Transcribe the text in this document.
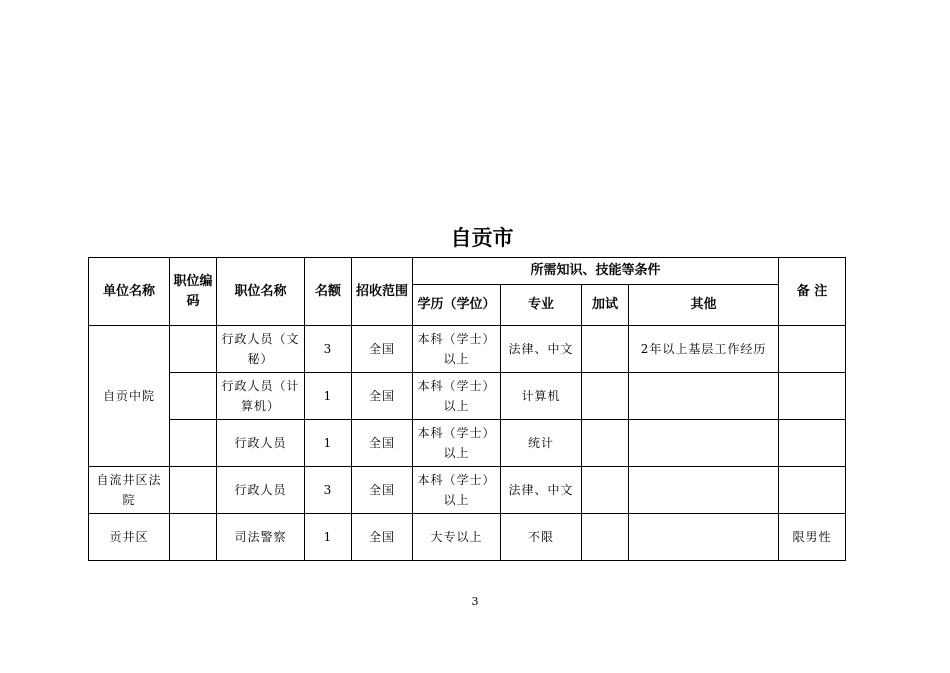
自贡市
单位名称	职位编码	职位名称	名额	招收范围	所需知识、技能等条件				备 注
					学历（学位）	专业	加试	其他	
自贡中院		行政人员（文秘）	3	全国	本科（学士）以上	法律、中文		2年以上基层工作经历	
		行政人员（计算机）	1	全国	本科（学士）以上	计算机			
		行政人员	1	全国	本科（学士）以上	统计			
自流井区法院		行政人员	3	全国	本科（学士）以上	法律、中文			
贡井区		司法警察	1	全国	大专以上	不限			限男性
3
